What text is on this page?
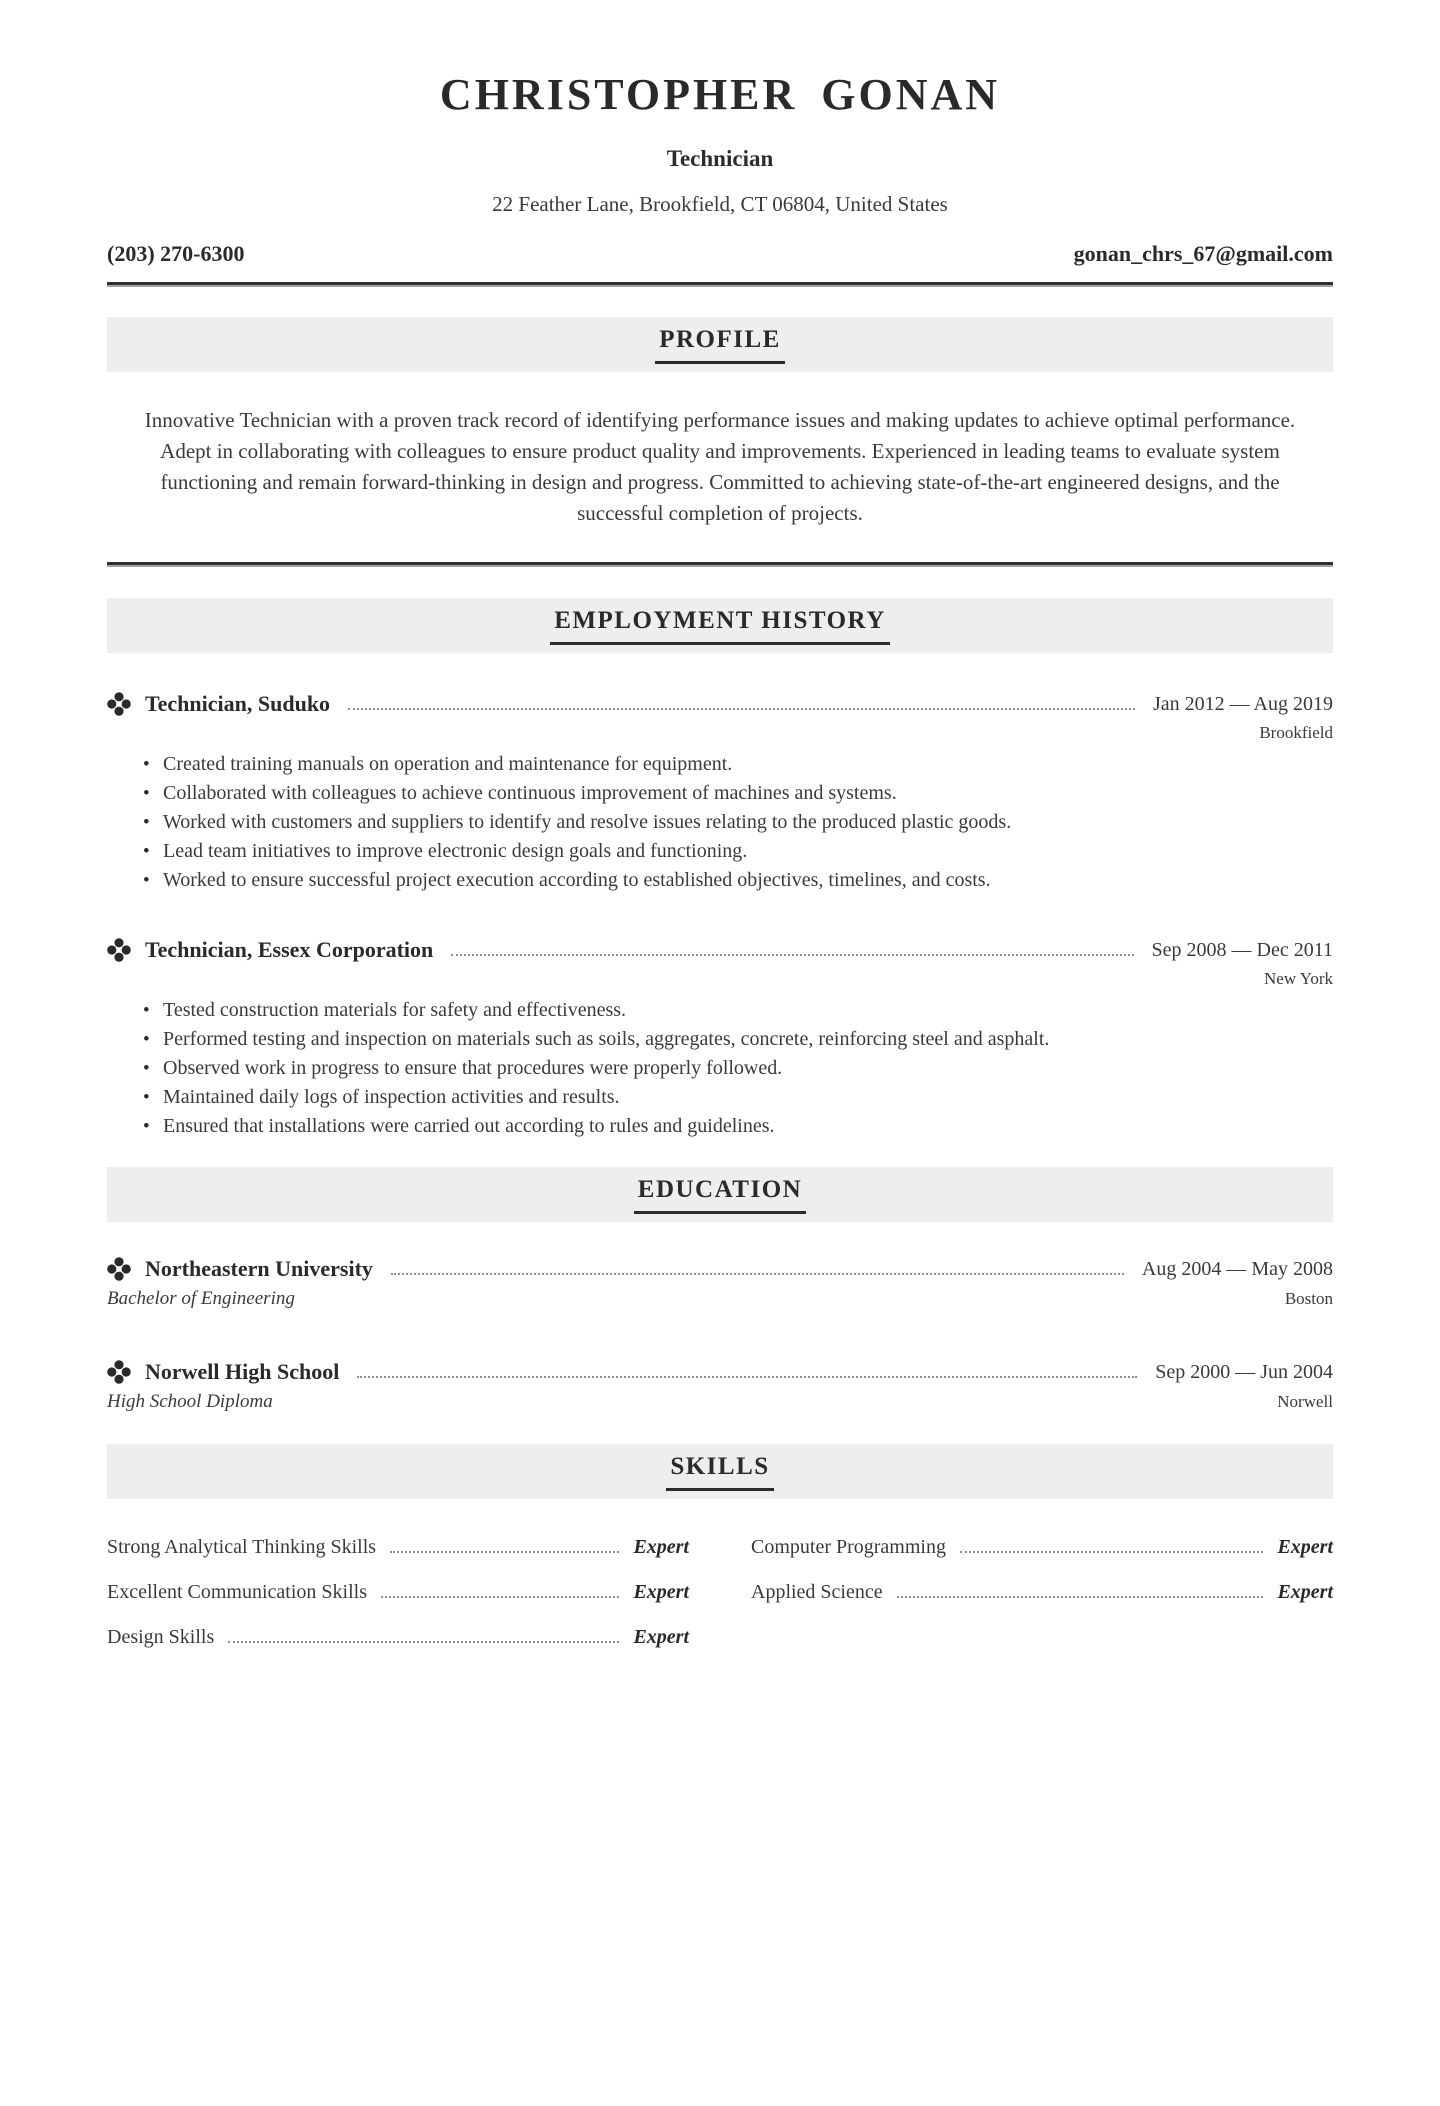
CHRISTOPHER GONAN
Technician
22 Feather Lane, Brookfield, CT 06804, United States
(203) 270-6300	gonan_chrs_67@gmail.com
PROFILE

Innovative Technician with a proven track record of identifying performance issues and making updates to achieve optimal performance. Adept in collaborating with colleagues to ensure product quality and improvements. Experienced in leading teams to evaluate system functioning and remain forward-thinking in design and progress. Committed to achieving state-of-the-art engineered designs, and the successful completion of projects.

EMPLOYMENT HISTORY
Technician, Suduko	Jan 2012 — Aug 2019
Brookfield
• Created training manuals on operation and maintenance for equipment.
• Collaborated with colleagues to achieve continuous improvement of machines and systems.
• Worked with customers and suppliers to identify and resolve issues relating to the produced plastic goods.
• Lead team initiatives to improve electronic design goals and functioning.
• Worked to ensure successful project execution according to established objectives, timelines, and costs.
Technician, Essex Corporation	Sep 2008 — Dec 2011
New York
• Tested construction materials for safety and effectiveness.
• Performed testing and inspection on materials such as soils, aggregates, concrete, reinforcing steel and asphalt.
• Observed work in progress to ensure that procedures were properly followed.
• Maintained daily logs of inspection activities and results.
• Ensured that installations were carried out according to rules and guidelines.
EDUCATION
Northeastern University	Aug 2004 — May 2008
Bachelor of Engineering	Boston
Norwell High School	Sep 2000 — Jun 2004
High School Diploma	Norwell
SKILLS
Strong Analytical Thinking Skills	Expert
Excellent Communication Skills	Expert
Design Skills	Expert
Computer Programming	Expert
Applied Science	Expert
